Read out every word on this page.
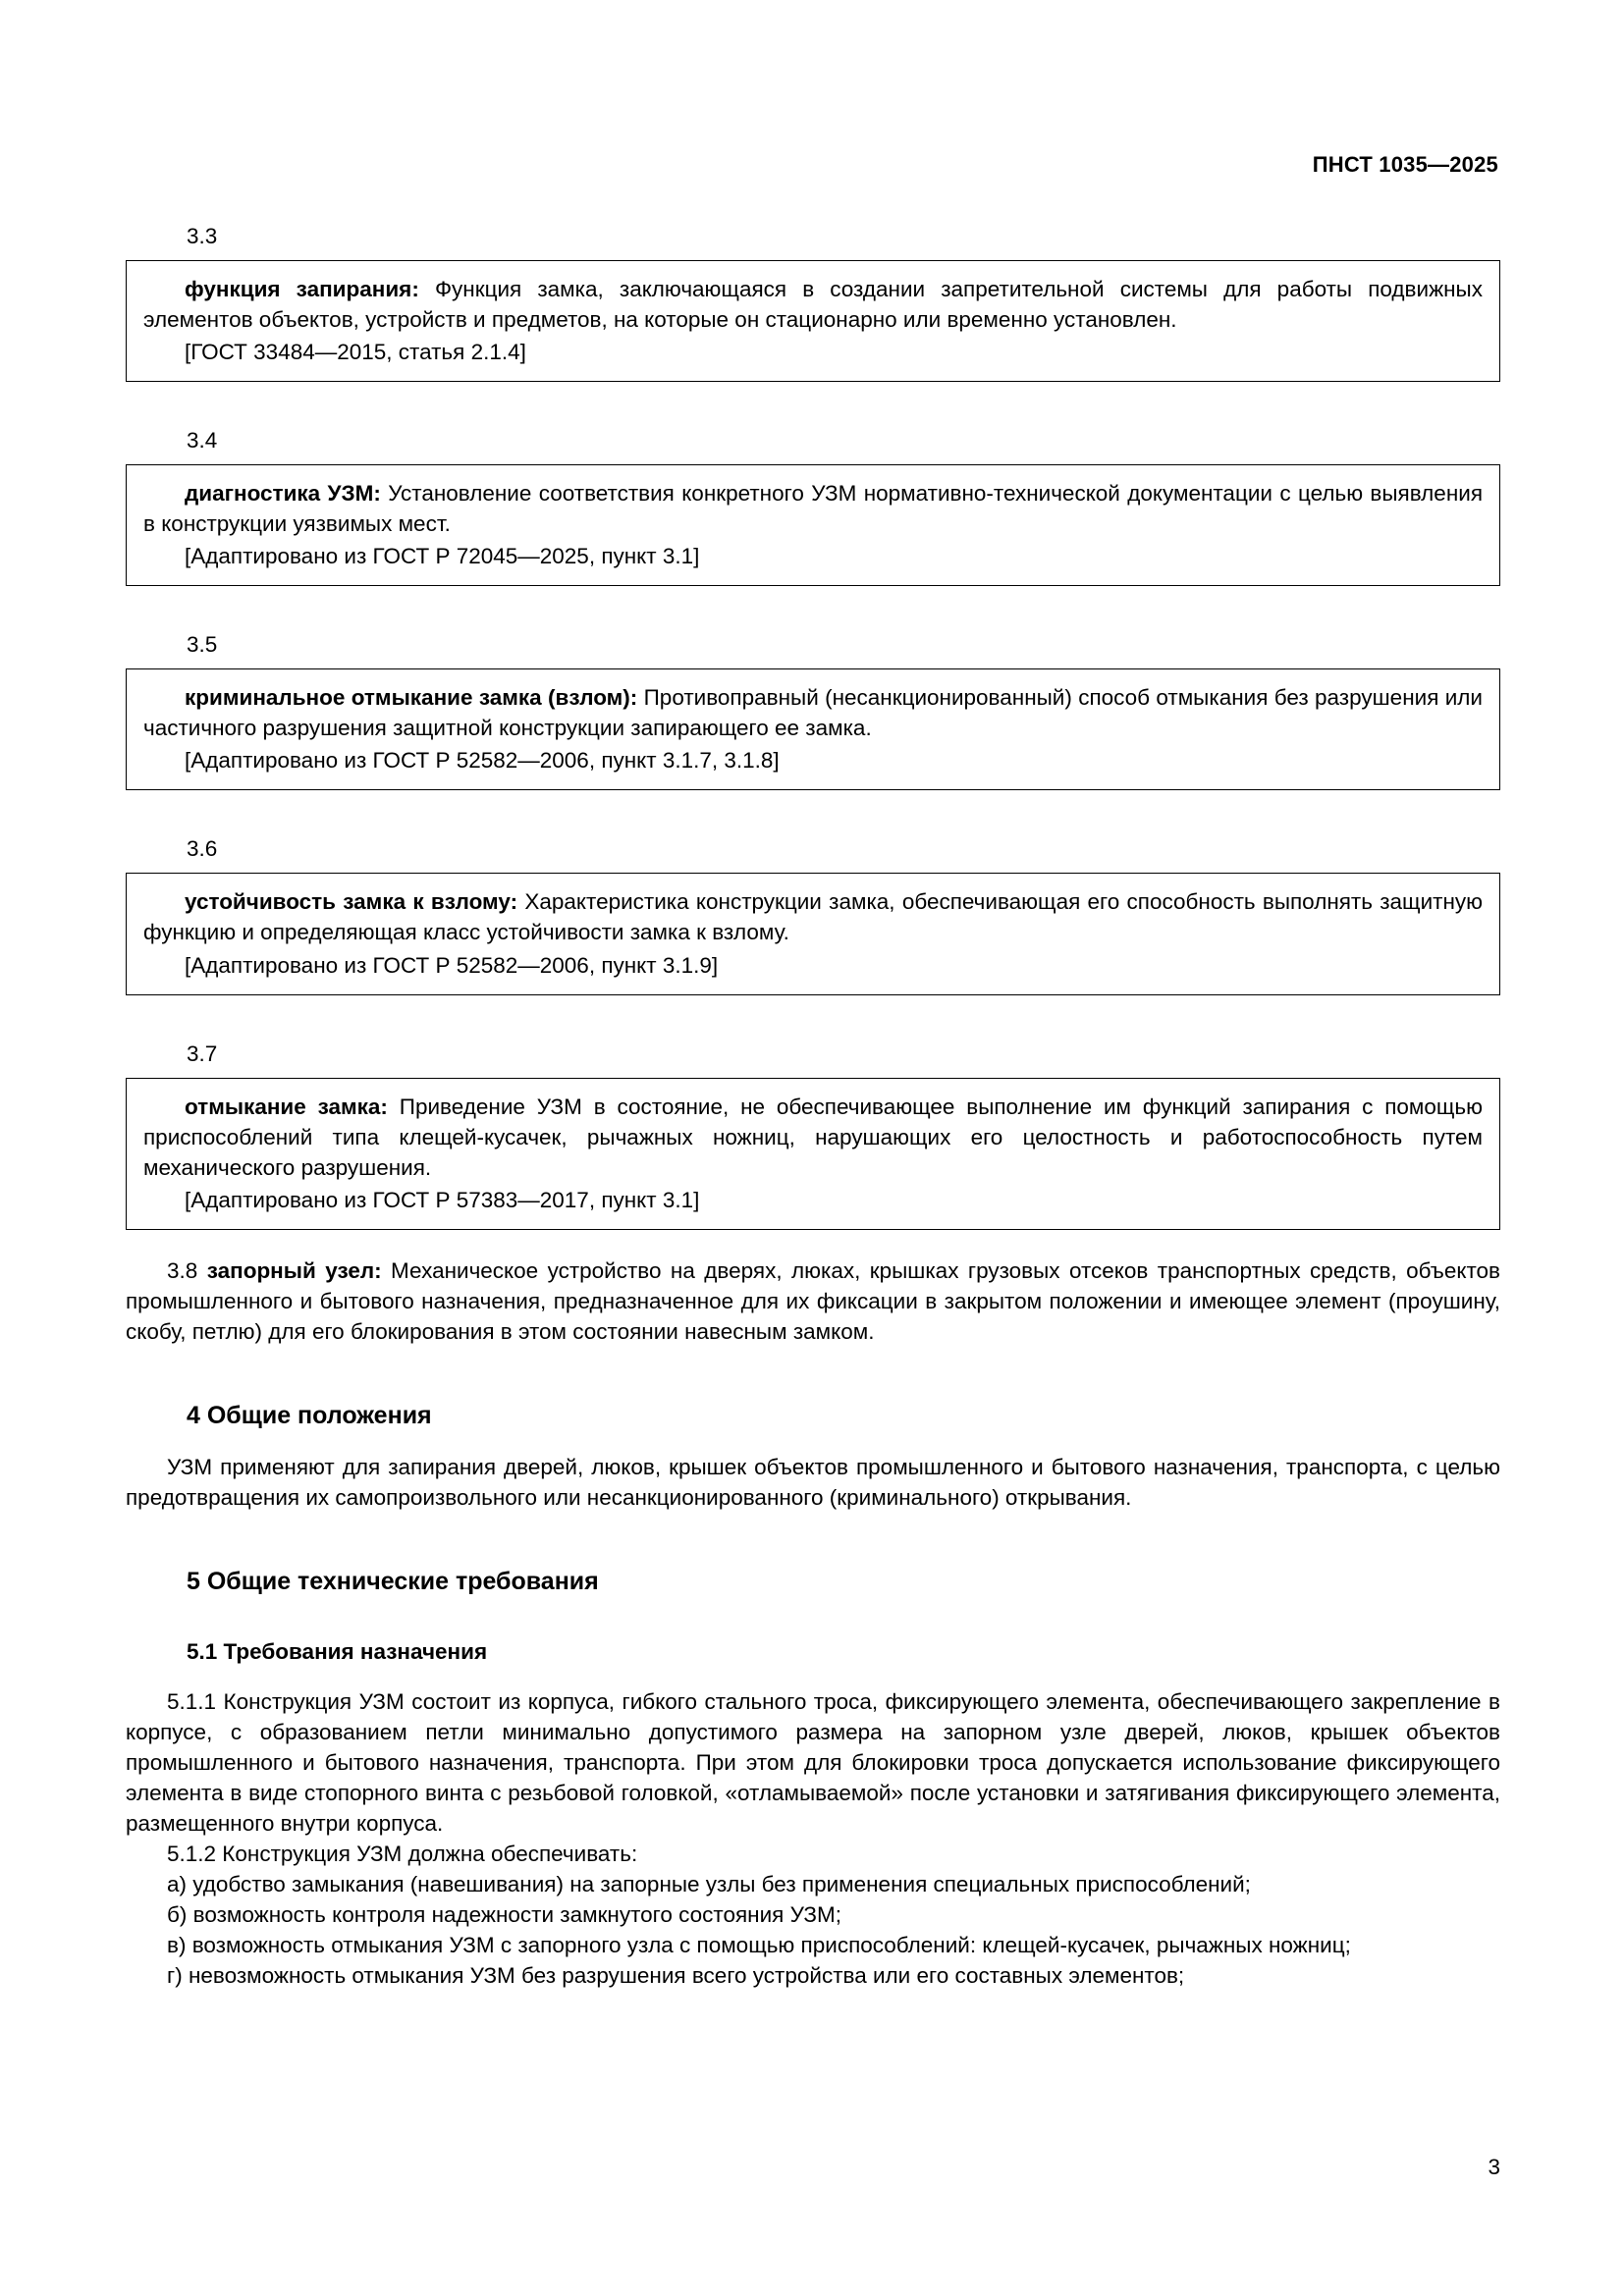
ПНСТ 1035—2025
3.3

функция запирания: Функция замка, заключающаяся в создании запретительной системы для работы подвижных элементов объектов, устройств и предметов, на которые он стационарно или временно установлен.

[ГОСТ 33484—2015, статья 2.1.4]

3.4

диагностика УЗМ: Установление соответствия конкретного УЗМ нормативно-технической документации с целью выявления в конструкции уязвимых мест.

[Адаптировано из ГОСТ Р 72045—2025, пункт 3.1]

3.5

криминальное отмыкание замка (взлом): Противоправный (несанкционированный) способ отмыкания без разрушения или частичного разрушения защитной конструкции запирающего ее замка.

[Адаптировано из ГОСТ Р 52582—2006, пункт 3.1.7, 3.1.8]

3.6

устойчивость замка к взлому: Характеристика конструкции замка, обеспечивающая его способность выполнять защитную функцию и определяющая класс устойчивости замка к взлому.

[Адаптировано из ГОСТ Р 52582—2006, пункт 3.1.9]

3.7

отмыкание замка: Приведение УЗМ в состояние, не обеспечивающее выполнение им функций запирания с помощью приспособлений типа клещей-кусачек, рычажных ножниц, нарушающих его целостность и работоспособность путем механического разрушения.

[Адаптировано из ГОСТ Р 57383—2017, пункт 3.1]

3.8 запорный узел: Механическое устройство на дверях, люках, крышках грузовых отсеков транспортных средств, объектов промышленного и бытового назначения, предназначенное для их фиксации в закрытом положении и имеющее элемент (проушину, скобу, петлю) для его блокирования в этом состоянии навесным замком.

4 Общие положения

УЗМ применяют для запирания дверей, люков, крышек объектов промышленного и бытового назначения, транспорта, с целью предотвращения их самопроизвольного или несанкционированного (криминального) открывания.

5 Общие технические требования
5.1 Требования назначения

5.1.1 Конструкция УЗМ состоит из корпуса, гибкого стального троса, фиксирующего элемента, обеспечивающего закрепление в корпусе, с образованием петли минимально допустимого размера на запорном узле дверей, люков, крышек объектов промышленного и бытового назначения, транспорта. При этом для блокировки троса допускается использование фиксирующего элемента в виде стопорного винта с резьбовой головкой, «отламываемой» после установки и затягивания фиксирующего элемента, размещенного внутри корпуса.

5.1.2 Конструкция УЗМ должна обеспечивать:

а) удобство замыкания (навешивания) на запорные узлы без применения специальных приспособлений;

б) возможность контроля надежности замкнутого состояния УЗМ;

в) возможность отмыкания УЗМ с запорного узла с помощью приспособлений: клещей-кусачек, рычажных ножниц;

г) невозможность отмыкания УЗМ без разрушения всего устройства или его составных элементов;

3
